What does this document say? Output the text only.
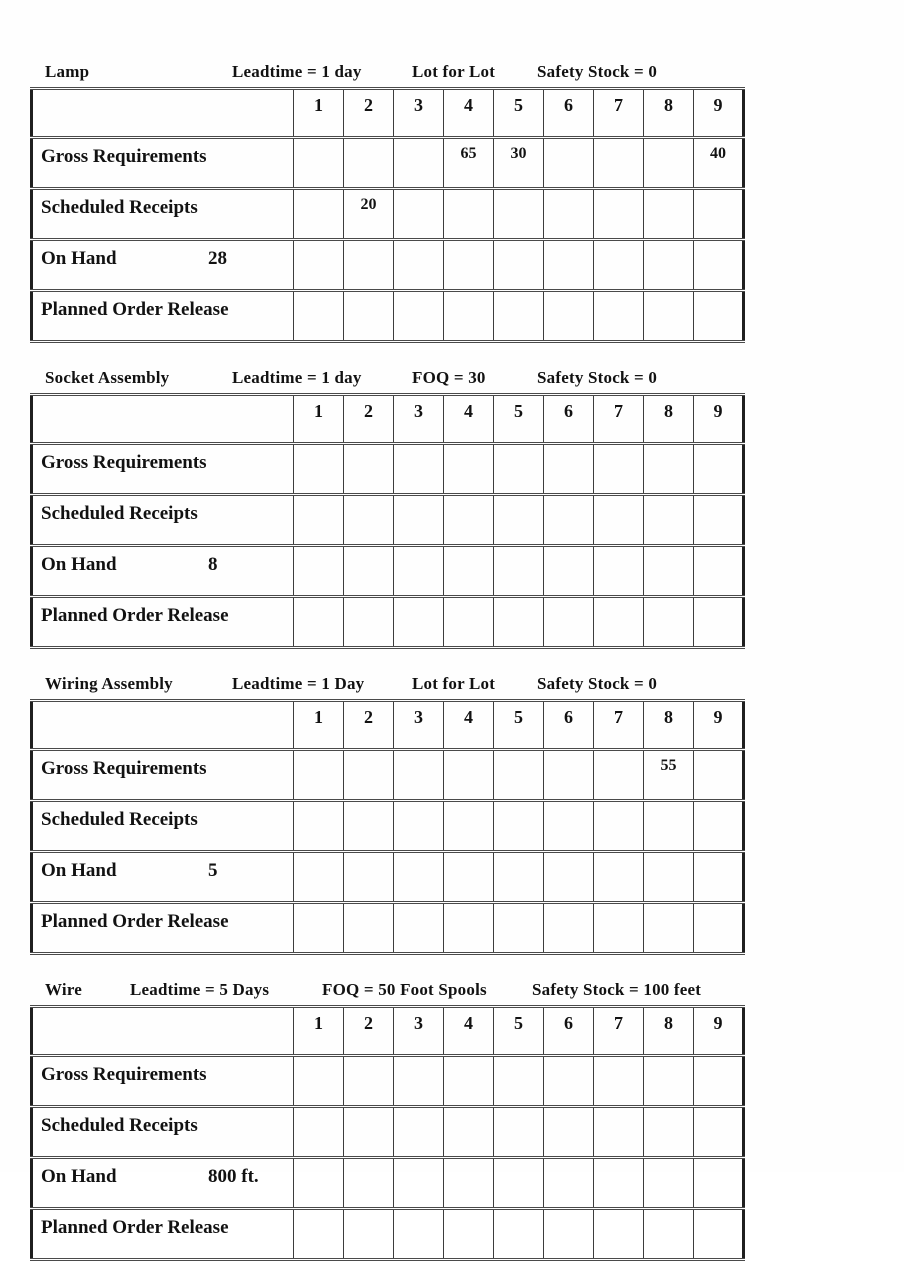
Lamp	Leadtime = 1 day	Lot for Lot Safety Stock = 0
	1	2	3	4	5	6	7	8	9
Gross Requirements				65	30				40
Scheduled Receipts		20							
On Hand 28									

Planned Order Release									
Socket Assembly	Leadtime = 1 day	FOQ = 30	Safety Stock = 0
	1	2	3	4	5	6	7	8	9
Gross Requirements									
Scheduled Receipts									
On Hand 8									

Planned Order Release									
Wiring Assembly	Leadtime = 1 Day	Lot for Lot Safety Stock = 0
	1	2	3	4	5	6	7	8	9
Gross Requirements								55	
Scheduled Receipts									
On Hand 5									

Planned Order Release									
Wire	Leadtime = 5 Days	FOQ = 50 Foot Spools	Safety Stock = 100 feet
	1	2	3	4	5	6	7	8	9
Gross Requirements									
Scheduled Receipts									
On Hand 800 ft.									

Planned Order Release									
